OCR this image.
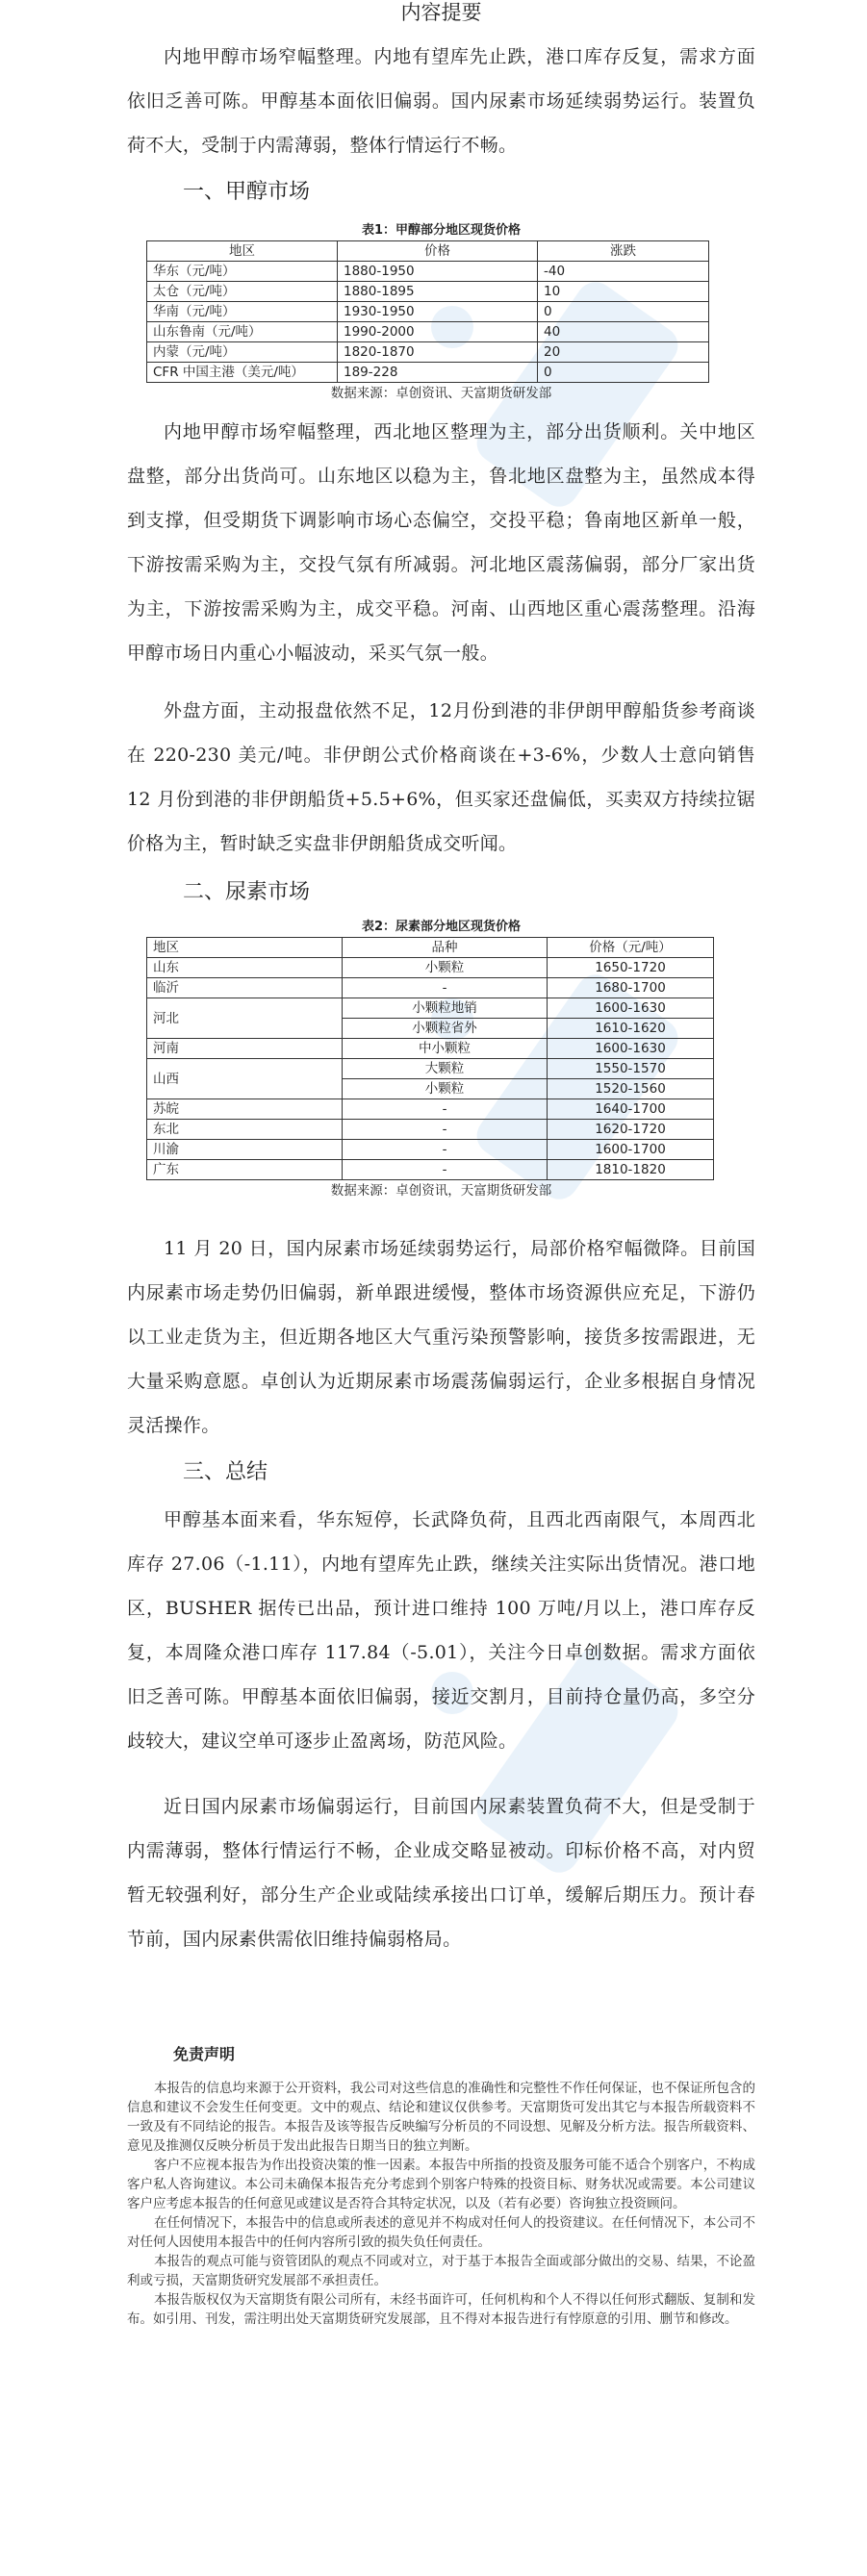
内容提要

内地甲醇市场窄幅整理。内地有望库先止跌，港口库存反复，需求方面依旧乏善可陈。甲醇基本面依旧偏弱。国内尿素市场延续弱势运行。装置负荷不大，受制于内需薄弱，整体行情运行不畅。

一、甲醇市场
表1：甲醇部分地区现货价格
地区	价格	涨跌
华东（元/吨）	1880-1950	-40
太仓（元/吨）	1880-1895	10
华南（元/吨）	1930-1950	0
山东鲁南（元/吨）	1990-2000	40
内蒙（元/吨）	1820-1870	20
CFR 中国主港（美元/吨）	189-228	0
数据来源：卓创资讯、天富期货研发部

内地甲醇市场窄幅整理，西北地区整理为主，部分出货顺利。关中地区盘整，部分出货尚可。山东地区以稳为主，鲁北地区盘整为主，虽然成本得到支撑，但受期货下调影响市场心态偏空，交投平稳；鲁南地区新单一般，下游按需采购为主，交投气氛有所减弱。河北地区震荡偏弱，部分厂家出货为主，下游按需采购为主，成交平稳。河南、山西地区重心震荡整理。沿海甲醇市场日内重心小幅波动，采买气氛一般。

外盘方面，主动报盘依然不足，12月份到港的非伊朗甲醇船货参考商谈在 220-230 美元/吨。非伊朗公式价格商谈在+3-6%，少数人士意向销售 12 月份到港的非伊朗船货+5.5+6%，但买家还盘偏低，买卖双方持续拉锯价格为主，暂时缺乏实盘非伊朗船货成交听闻。

二、尿素市场
表2：尿素部分地区现货价格
地区	品种	价格（元/吨）
山东	小颗粒	1650-1720
临沂	-	1680-1700
河北	小颗粒地销	1600-1630
	小颗粒省外	1610-1620
河南	中小颗粒	1600-1630
山西	大颗粒	1550-1570
	小颗粒	1520-1560
苏皖	-	1640-1700
东北	-	1620-1720
川渝	-	1600-1700
广东	-	1810-1820
数据来源：卓创资讯，天富期货研发部

11 月 20 日，国内尿素市场延续弱势运行，局部价格窄幅微降。目前国内尿素市场走势仍旧偏弱，新单跟进缓慢，整体市场资源供应充足，下游仍以工业走货为主，但近期各地区大气重污染预警影响，接货多按需跟进，无大量采购意愿。卓创认为近期尿素市场震荡偏弱运行，企业多根据自身情况灵活操作。

三、总结

甲醇基本面来看，华东短停，长武降负荷，且西北西南限气，本周西北库存 27.06（-1.11），内地有望库先止跌，继续关注实际出货情况。港口地区，BUSHER 据传已出品，预计进口维持 100 万吨/月以上，港口库存反复，本周隆众港口库存 117.84（-5.01），关注今日卓创数据。需求方面依旧乏善可陈。甲醇基本面依旧偏弱，接近交割月，目前持仓量仍高，多空分歧较大，建议空单可逐步止盈离场，防范风险。

近日国内尿素市场偏弱运行，目前国内尿素装置负荷不大，但是受制于内需薄弱，整体行情运行不畅，企业成交略显被动。印标价格不高，对内贸暂无较强利好，部分生产企业或陆续承接出口订单，缓解后期压力。预计春节前，国内尿素供需依旧维持偏弱格局。

免责声明

本报告的信息均来源于公开资料，我公司对这些信息的准确性和完整性不作任何保证，也不保证所包含的信息和建议不会发生任何变更。文中的观点、结论和建议仅供参考。天富期货可发出其它与本报告所载资料不一致及有不同结论的报告。本报告及该等报告反映编写分析员的不同设想、见解及分析方法。报告所载资料、意见及推测仅反映分析员于发出此报告日期当日的独立判断。

客户不应视本报告为作出投资决策的惟一因素。本报告中所指的投资及服务可能不适合个别客户，不构成客户私人咨询建议。本公司未确保本报告充分考虑到个别客户特殊的投资目标、财务状况或需要。本公司建议客户应考虑本报告的任何意见或建议是否符合其特定状况，以及（若有必要）咨询独立投资顾问。

在任何情况下，本报告中的信息或所表述的意见并不构成对任何人的投资建议。在任何情况下，本公司不对任何人因使用本报告中的任何内容所引致的损失负任何责任。

本报告的观点可能与资管团队的观点不同或对立，对于基于本报告全面或部分做出的交易、结果，不论盈利或亏损，天富期货研究发展部不承担责任。

本报告版权仅为天富期货有限公司所有，未经书面许可，任何机构和个人不得以任何形式翻版、复制和发布。如引用、刊发，需注明出处天富期货研究发展部，且不得对本报告进行有悖原意的引用、删节和修改。
